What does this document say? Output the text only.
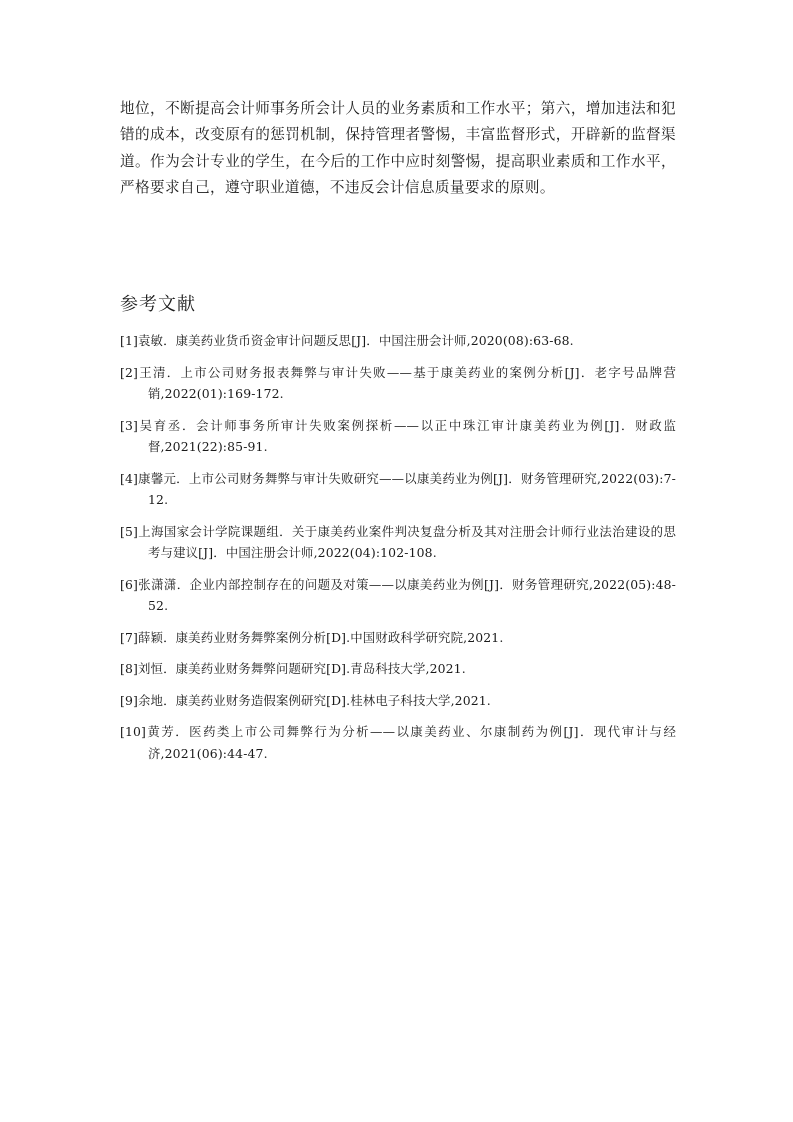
地位，不断提高会计师事务所会计人员的业务素质和工作水平；第六，增加违法和犯错的成本，改变原有的惩罚机制，保持管理者警惕，丰富监督形式，开辟新的监督渠道。作为会计专业的学生，在今后的工作中应时刻警惕，提高职业素质和工作水平，严格要求自己，遵守职业道德，不违反会计信息质量要求的原则。

参考文献
[1]袁敏．康美药业货币资金审计问题反思[J]．中国注册会计师,2020(08):63-68.
[2]王清．上市公司财务报表舞弊与审计失败——基于康美药业的案例分析[J]．老字号品牌营销,2022(01):169-172.
[3]吴育丞．会计师事务所审计失败案例探析——以正中珠江审计康美药业为例[J]．财政监督,2021(22):85-91.
[4]康馨元．上市公司财务舞弊与审计失败研究——以康美药业为例[J]．财务管理研究,2022(03):7-12.
[5]上海国家会计学院课题组．关于康美药业案件判决复盘分析及其对注册会计师行业法治建设的思考与建议[J]．中国注册会计师,2022(04):102-108.
[6]张潇潇．企业内部控制存在的问题及对策——以康美药业为例[J]．财务管理研究,2022(05):48-52.
[7]薛颖．康美药业财务舞弊案例分析[D].中国财政科学研究院,2021.
[8]刘恒．康美药业财务舞弊问题研究[D].青岛科技大学,2021.
[9]余地．康美药业财务造假案例研究[D].桂林电子科技大学,2021.
[10]黄芳．医药类上市公司舞弊行为分析——以康美药业、尔康制药为例[J]．现代审计与经济,2021(06):44-47.
